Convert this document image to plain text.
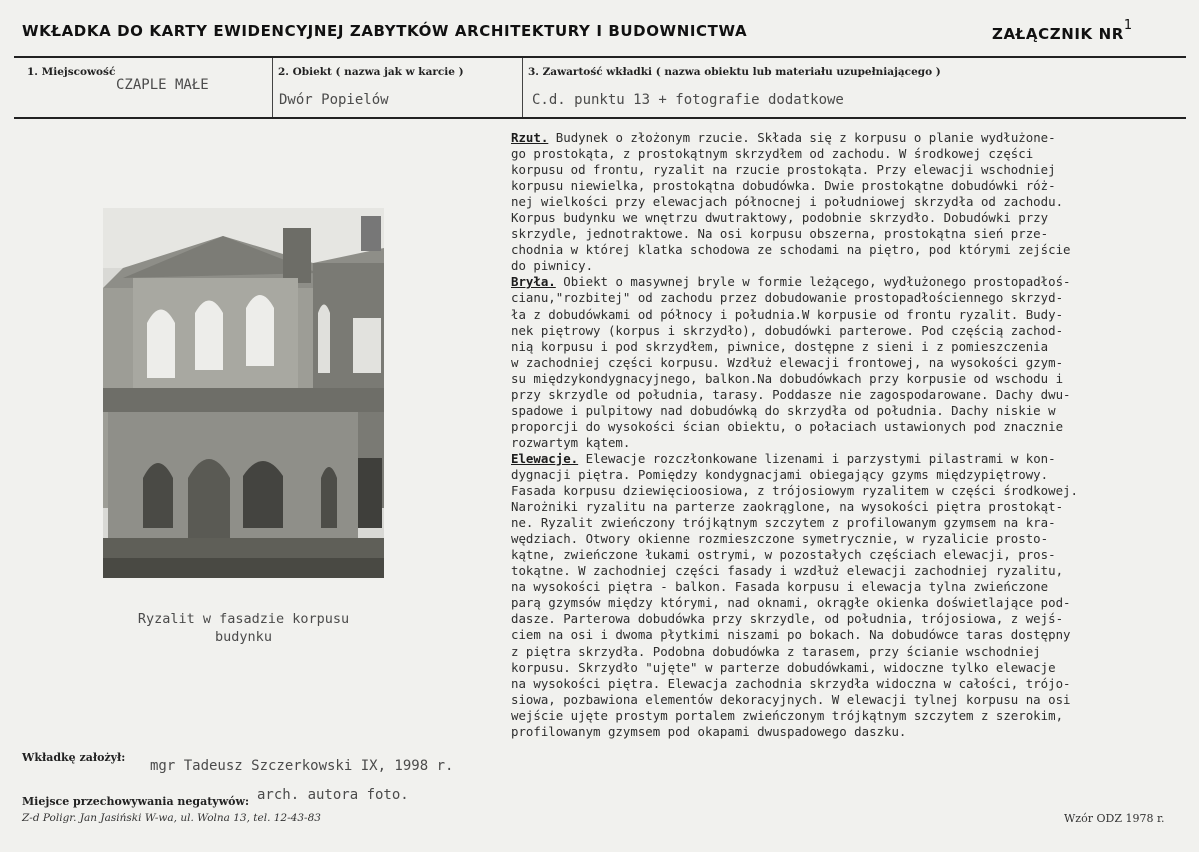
WKŁADKA DO KARTY EWIDENCYJNEJ ZABYTKÓW ARCHITEKTURY I BUDOWNICTWA	ZAŁĄCZNIK $NR^1$
1. Miejscowość
CZAPLE MAŁE
2. Obiekt ( nazwa jak w karcie )
Dwór Popielów
3. Zawartość wkładki ( nazwa obiektu lub materiału uzupełniającego )
C.d. punktu 13 + fotografie dodatkowe
Ryzalit w fasadzie korpusu
budynku

Rzut. Budynek o złożonym rzucie. Składa się z korpusu o planie wydłużone-

go prostokąta, z prostokątnym skrzydłem od zachodu. W środkowej części

korpusu od frontu, ryzalit na rzucie prostokąta. Przy elewacji wschodniej

korpusu niewielka, prostokątna dobudówka. Dwie prostokątne dobudówki róż-

nej wielkości przy elewacjach północnej i południowej skrzydła od zachodu.

Korpus budynku we wnętrzu dwutraktowy, podobnie skrzydło. Dobudówki przy

skrzydle, jednotraktowe. Na osi korpusu obszerna, prostokątna sień prze-

chodnia w której klatka schodowa ze schodami na piętro, pod którymi zejście

do piwnicy.

Bryła. Obiekt o masywnej bryle w formie leżącego, wydłużonego prostopadłoś-

cianu,"rozbitej" od zachodu przez dobudowanie prostopadłościennego skrzyd-

ła z dobudówkami od północy i południa.W korpusie od frontu ryzalit. Budy-

nek piętrowy (korpus i skrzydło), dobudówki parterowe. Pod częścią zachod-

nią korpusu i pod skrzydłem, piwnice, dostępne z sieni i z pomieszczenia

w zachodniej części korpusu. Wzdłuż elewacji frontowej, na wysokości gzym-

su międzykondygnacyjnego, balkon.Na dobudówkach przy korpusie od wschodu i

przy skrzydle od południa, tarasy. Poddasze nie zagospodarowane. Dachy dwu-

spadowe i pulpitowy nad dobudówką do skrzydła od południa. Dachy niskie w

proporcji do wysokości ścian obiektu, o połaciach ustawionych pod znacznie

rozwartym kątem.

Elewacje. Elewacje rozczłonkowane lizenami i parzystymi pilastrami w kon-

dygnacji piętra. Pomiędzy kondygnacjami obiegający gzyms międzypiętrowy.

Fasada korpusu dziewięcioosiowa, z trójosiowym ryzalitem w części środkowej.

Narożniki ryzalitu na parterze zaokrąglone, na wysokości piętra prostokąt-

ne. Ryzalit zwieńczony trójkątnym szczytem z profilowanym gzymsem na kra-

wędziach. Otwory okienne rozmieszczone symetrycznie, w ryzalicie prosto-

kątne, zwieńczone łukami ostrymi, w pozostałych częściach elewacji, pros-

tokątne. W zachodniej części fasady i wzdłuż elewacji zachodniej ryzalitu,

na wysokości piętra - balkon. Fasada korpusu i elewacja tylna zwieńczone

parą gzymsów między którymi, nad oknami, okrągłe okienka doświetlające pod-

dasze. Parterowa dobudówka przy skrzydle, od południa, trójosiowa, z wejś-

ciem na osi i dwoma płytkimi niszami po bokach. Na dobudówce taras dostępny

z piętra skrzydła. Podobna dobudówka z tarasem, przy ścianie wschodniej

korpusu. Skrzydło "ujęte" w parterze dobudówkami, widoczne tylko elewacje

na wysokości piętra. Elewacja zachodnia skrzydła widoczna w całości, trójo-

siowa, pozbawiona elementów dekoracyjnych. W elewacji tylnej korpusu na osi

wejście ujęte prostym portalem zwieńczonym trójkątnym szczytem z szerokim,

profilowanym gzymsem pod okapami dwuspadowego daszku.

Wkładkę założył:
mgr Tadeusz Szczerkowski IX, 1998 r.
Miejsce przechowywania negatywów: arch. autora foto.
Z-d Poligr. Jan Jasiński W-wa, ul. Wolna 13, tel. 12-43-83	Wzór ODZ 1978 r.
